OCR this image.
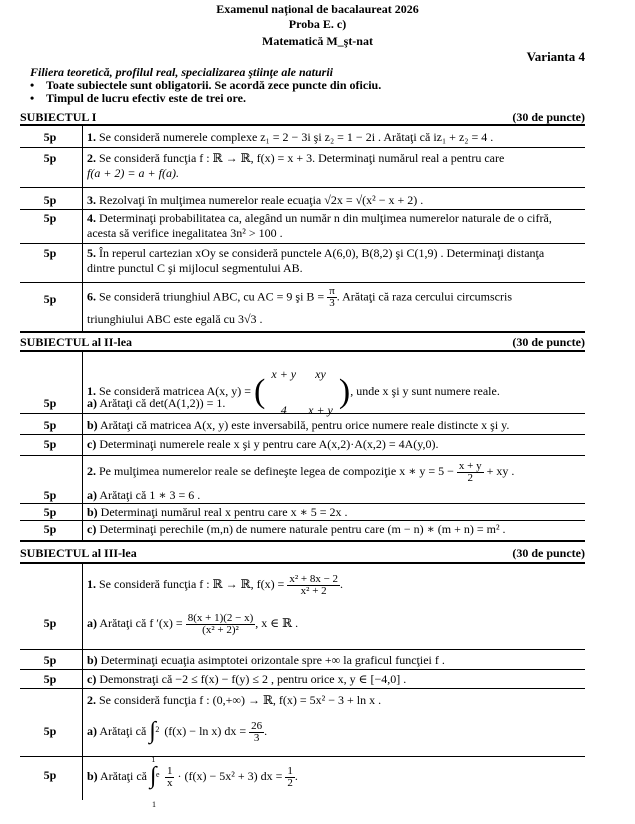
Examenul național de bacalaureat 2026
Proba E. c)
Matematică M_şt-nat
Varianta 4
Filiera teoretică, profilul real, specializarea ştiinţe ale naturii
• Toate subiectele sunt obligatorii. Se acordă zece puncte din oficiu.
• Timpul de lucru efectiv este de trei ore.
SUBIECTUL I	(30 de puncte)
5p	1. Se consideră numerele complexe z₁ = 2 − 3i şi z₂ = 1 − 2i . Arătaţi că iz₁ + z₂ = 4 .
5p	2. Se consideră funcţia f : ℝ → ℝ, f(x) = x + 3. Determinaţi numărul real a pentru care
f(a + 2) = a + f(a).
5p	3. Rezolvaţi în mulţimea numerelor reale ecuaţia √2x = √(x² − x + 2) .
5p	4. Determinaţi probabilitatea ca, alegând un număr n din mulţimea numerelor naturale de o cifră,
acesta să verifice inegalitatea 3n² > 100 .
5p	5. În reperul cartezian xOy se consideră punctele A(6,0), B(8,2) şi C(1,9) . Determinaţi distanţa
dintre punctul C şi mijlocul segmentului AB.
5p	6. Se consideră triunghiul ABC, cu AC = 9 şi $B = \frac{\pi}{3}$ . Arătaţi că raza cercului circumscris
triunghiului ABC este egală cu 3√3 .
SUBIECTUL al II-lea	(30 de puncte)
1. Se consideră matricea A(x, y) = ( x + y	xy
4	x + y ), unde x şi y sunt numere reale.
5p	a) Arătaţi că det(A(1,2)) = 1.
5p	b) Arătaţi că matricea A(x, y) este inversabilă, pentru orice numere reale distincte x şi y.
5p	c) Determinaţi numerele reale x şi y pentru care A(x,2)·A(x,2) = 4A(y,0).
2. Pe mulţimea numerelor reale se defineşte legea de compoziţie x ∗ $y = 5 - \frac{x + y}{2}$ + xy .
5p	a) Arătaţi că 1 ∗ 3 = 6 .
5p	b) Determinaţi numărul real x pentru care x ∗ 5 = 2x .
5p	c) Determinaţi perechile (m,n) de numere naturale pentru care (m − n) ∗ (m + n) = m² .
SUBIECTUL al III-lea	(30 de puncte)
1. Se consideră funcţia f : ℝ → ℝ, $f(x) = \frac{\text{x² + 8x − 2}}{\text{x² + 2}}$ .
5p	a) Arătaţi că f $'(x) = \frac{8(x + 1)(2 - x)}{\text{(x² + 2)²}}$ , x ∈ ℝ .
5p	b) Determinaţi ecuaţia asimptotei orizontale spre +∞ la graficul funcţiei f .
5p	c) Demonstraţi că −2 ≤ f(x) − f(y) ≤ 2 , pentru orice x, y ∈ [−4,0] .
2. Se consideră funcţia f : (0,+∞) → ℝ, f(x) = 5x² − 3 + ln x .
5p	a) Arătaţi că 2
∫
1
(f(x) − ln x) dx = $\frac{26}{3}$ .
5p	b) Arătaţi că e
∫
1

$\frac{1}{x} \cdot (f(x) - 5x^2 + 3)$ dx = $\frac{1}{2}$ .
